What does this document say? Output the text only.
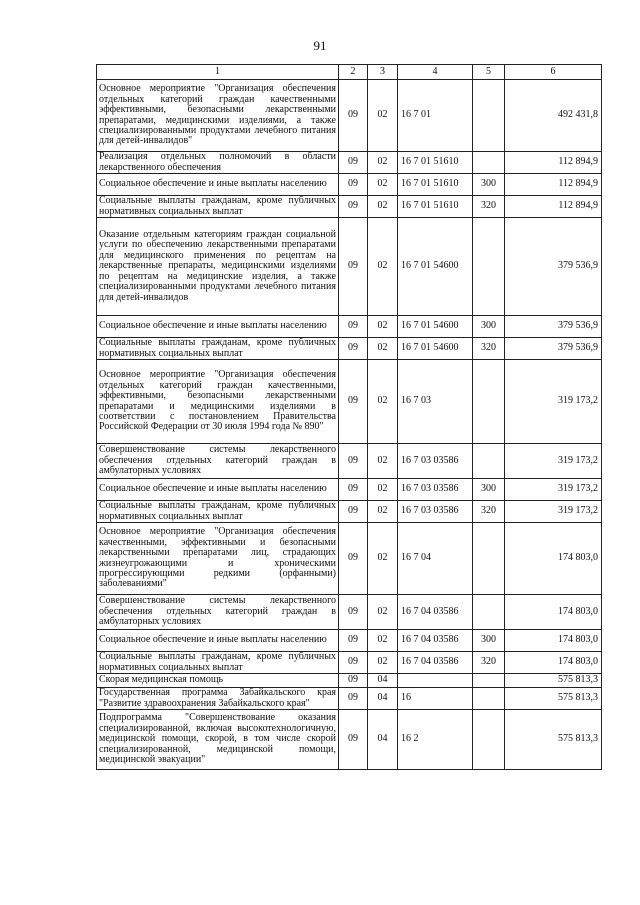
91
1	2	3	4	5	6
Основное мероприятие "Организация обеспечения отдельных категорий граждан качественными эффективными, безопасными лекарственными препаратами, медицинскими изделиями, а также специализированными продуктами лечебного питания для детей-инвалидов"	09	02	16 7 01		492 431,8
Реализация отдельных полномочий в области лекарственного обеспечения	09	02	16 7 01 51610		112 894,9
Социальное обеспечение и иные выплаты населению	09	02	16 7 01 51610	300	112 894,9
Социальные выплаты гражданам, кроме публичных нормативных социальных выплат	09	02	16 7 01 51610	320	112 894,9
Оказание отдельным категориям граждан социальной услуги по обеспечению лекарственными препаратами для медицинского применения по рецептам на лекарственные препараты, медицинскими изделиями по рецептам на медицинские изделия, а также специализированными продуктами лечебного питания для детей-инвалидов	09	02	16 7 01 54600		379 536,9
Социальное обеспечение и иные выплаты населению	09	02	16 7 01 54600	300	379 536,9
Социальные выплаты гражданам, кроме публичных нормативных социальных выплат	09	02	16 7 01 54600	320	379 536,9
Основное мероприятие "Организация обеспечения отдельных категорий граждан качественными, эффективными, безопасными лекарственными препаратами и медицинскими изделиями в соответствии с постановлением Правительства Российской Федерации от 30 июля 1994 года № 890"	09	02	16 7 03		319 173,2
Совершенствование системы лекарственного обеспечения отдельных категорий граждан в амбулаторных условиях	09	02	16 7 03 03586		319 173,2
Социальное обеспечение и иные выплаты населению	09	02	16 7 03 03586	300	319 173,2
Социальные выплаты гражданам, кроме публичных нормативных социальных выплат	09	02	16 7 03 03586	320	319 173,2
Основное мероприятие "Организация обеспечения качественными, эффективными и безопасными лекарственными препаратами лиц, страдающих жизнеугрожающими и хроническими прогрессирующими редкими (орфанными) заболеваниями"	09	02	16 7 04		174 803,0
Совершенствование системы лекарственного обеспечения отдельных категорий граждан в амбулаторных условиях	09	02	16 7 04 03586		174 803,0
Социальное обеспечение и иные выплаты населению	09	02	16 7 04 03586	300	174 803,0
Социальные выплаты гражданам, кроме публичных нормативных социальных выплат	09	02	16 7 04 03586	320	174 803,0
Скорая медицинская помощь	09	04			575 813,3
Государственная программа Забайкальского края "Развитие здравоохранения Забайкальского края"	09	04	16		575 813,3
Подпрограмма "Совершенствование оказания специализированной, включая высокотехнологичную, медицинской помощи, скорой, в том числе скорой специализированной, медицинской помощи, медицинской эвакуации"	09	04	16 2		575 813,3
